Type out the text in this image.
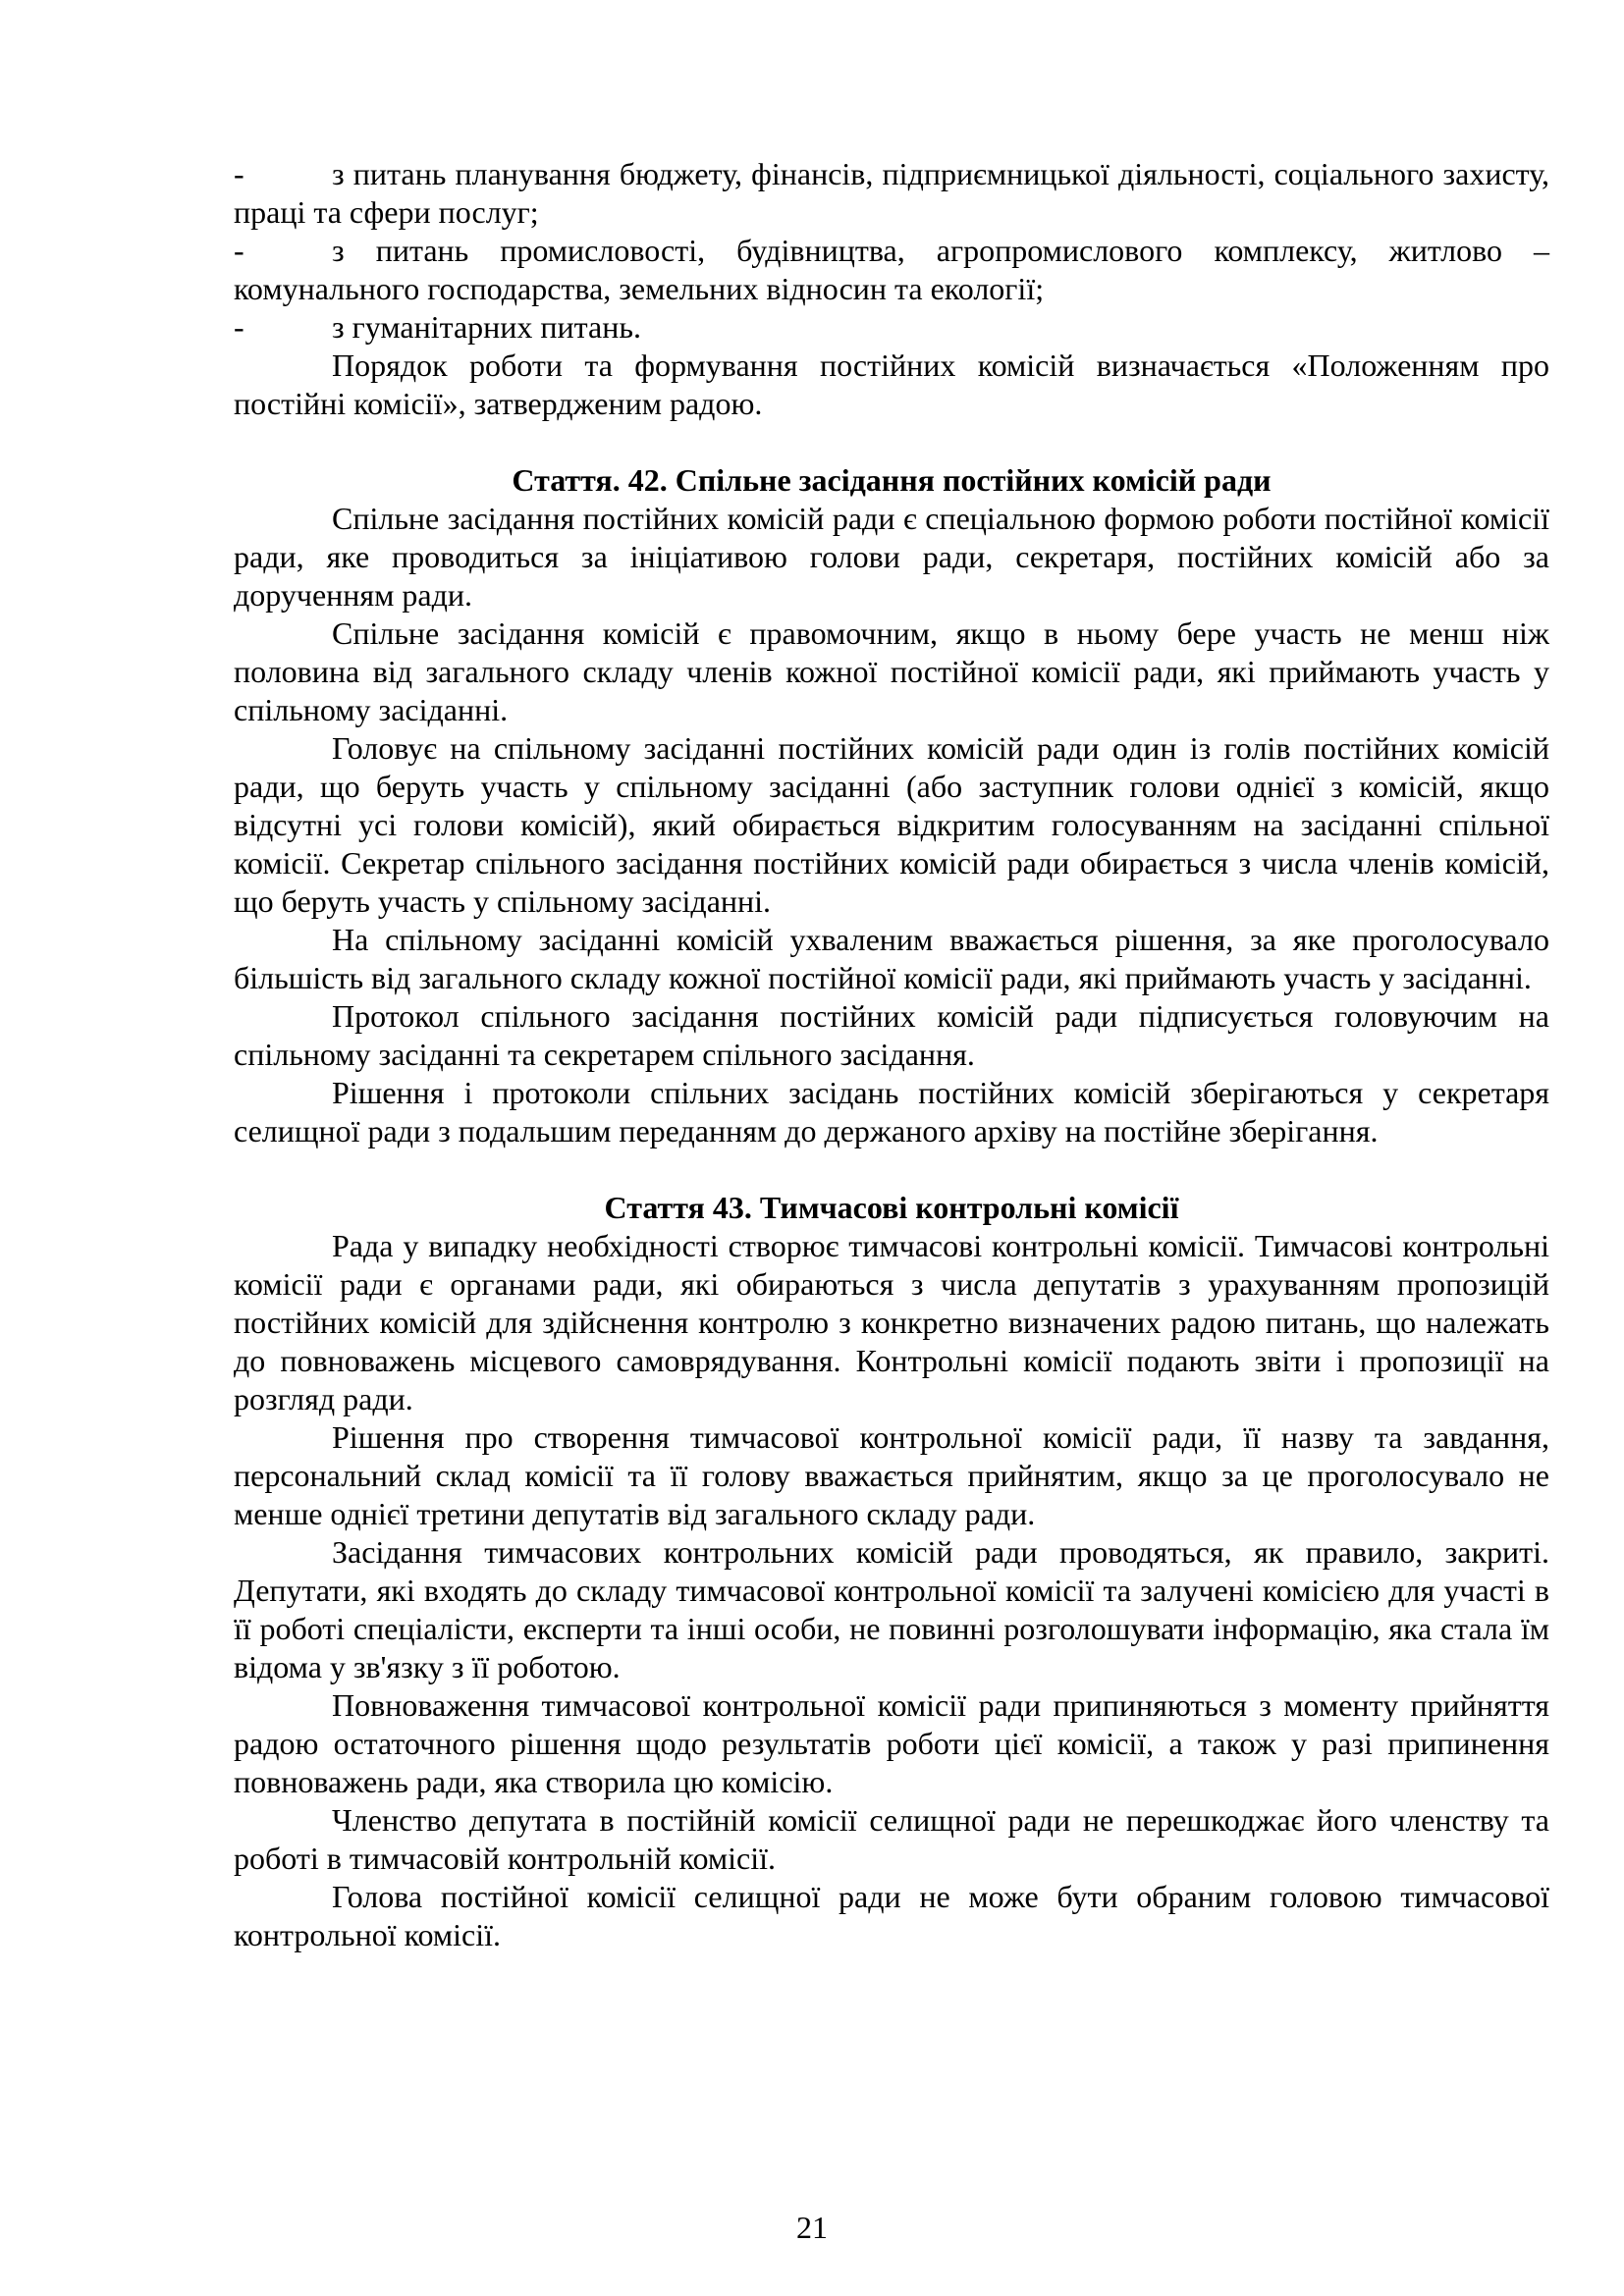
-	з питань планування бюджету, фінансів, підприємницької діяльності, соціального захисту, праці та сфери послуг;

-	з питань промисловості, будівництва, агропромислового комплексу, житлово – комунального господарства, земельних відносин та екології;

-	з гуманітарних питань.

Порядок роботи та формування постійних комісій визначається «Положенням про постійні комісії», затвердженим радою.

Стаття. 42. Спільне засідання постійних комісій ради

Спільне засідання постійних комісій ради є спеціальною формою роботи постійної комісії ради, яке проводиться за ініціативою голови ради, секретаря, постійних комісій або за дорученням ради.

Спільне засідання комісій є правомочним, якщо в ньому бере участь не менш ніж половина від загального складу членів кожної постійної комісії ради, які приймають участь у спільному засіданні.

Головує на спільному засіданні постійних комісій ради один із голів постійних комісій ради, що беруть участь у спільному засіданні (або заступник голови однієї з комісій, якщо відсутні усі голови комісій), який обирається відкритим голосуванням на засіданні спільної комісії. Секретар спільного засідання постійних комісій ради обирається з числа членів комісій, що беруть участь у спільному засіданні.

На спільному засіданні комісій ухваленим вважається рішення, за яке проголосувало більшість від загального складу кожної постійної комісії ради, які приймають участь у засіданні.

Протокол спільного засідання постійних комісій ради підписується головуючим на спільному засіданні та секретарем спільного засідання.

Рішення і протоколи спільних засідань постійних комісій зберігаються у секретаря селищної ради з подальшим переданням до держаного архіву на постійне зберігання.

Стаття 43. Тимчасові контрольні комісії

Рада у випадку необхідності створює тимчасові контрольні комісії. Тимчасові контрольні комісії ради є органами ради, які обираються з числа депутатів з урахуванням пропозицій постійних комісій для здійснення контролю з конкретно визначених радою питань, що належать до повноважень місцевого самоврядування. Контрольні комісії подають звіти і пропозиції на розгляд ради.

Рішення про створення тимчасової контрольної комісії ради, її назву та завдання, персональний склад комісії та її голову вважається прийнятим, якщо за це проголосувало не менше однієї третини депутатів від загального складу ради.

Засідання тимчасових контрольних комісій ради проводяться, як правило, закриті. Депутати, які входять до складу тимчасової контрольної комісії та залучені комісією для участі в її роботі спеціалісти, експерти та інші особи, не повинні розголошувати інформацію, яка стала їм відома у зв'язку з її роботою.

Повноваження тимчасової контрольної комісії ради припиняються з моменту прийняття радою остаточного рішення щодо результатів роботи цієї комісії, а також у разі припинення повноважень ради, яка створила цю комісію.

Членство депутата в постійній комісії селищної ради не перешкоджає його членству та роботі в тимчасовій контрольній комісії.

Голова постійної комісії селищної ради не може бути обраним головою тимчасової контрольної комісії.

21
